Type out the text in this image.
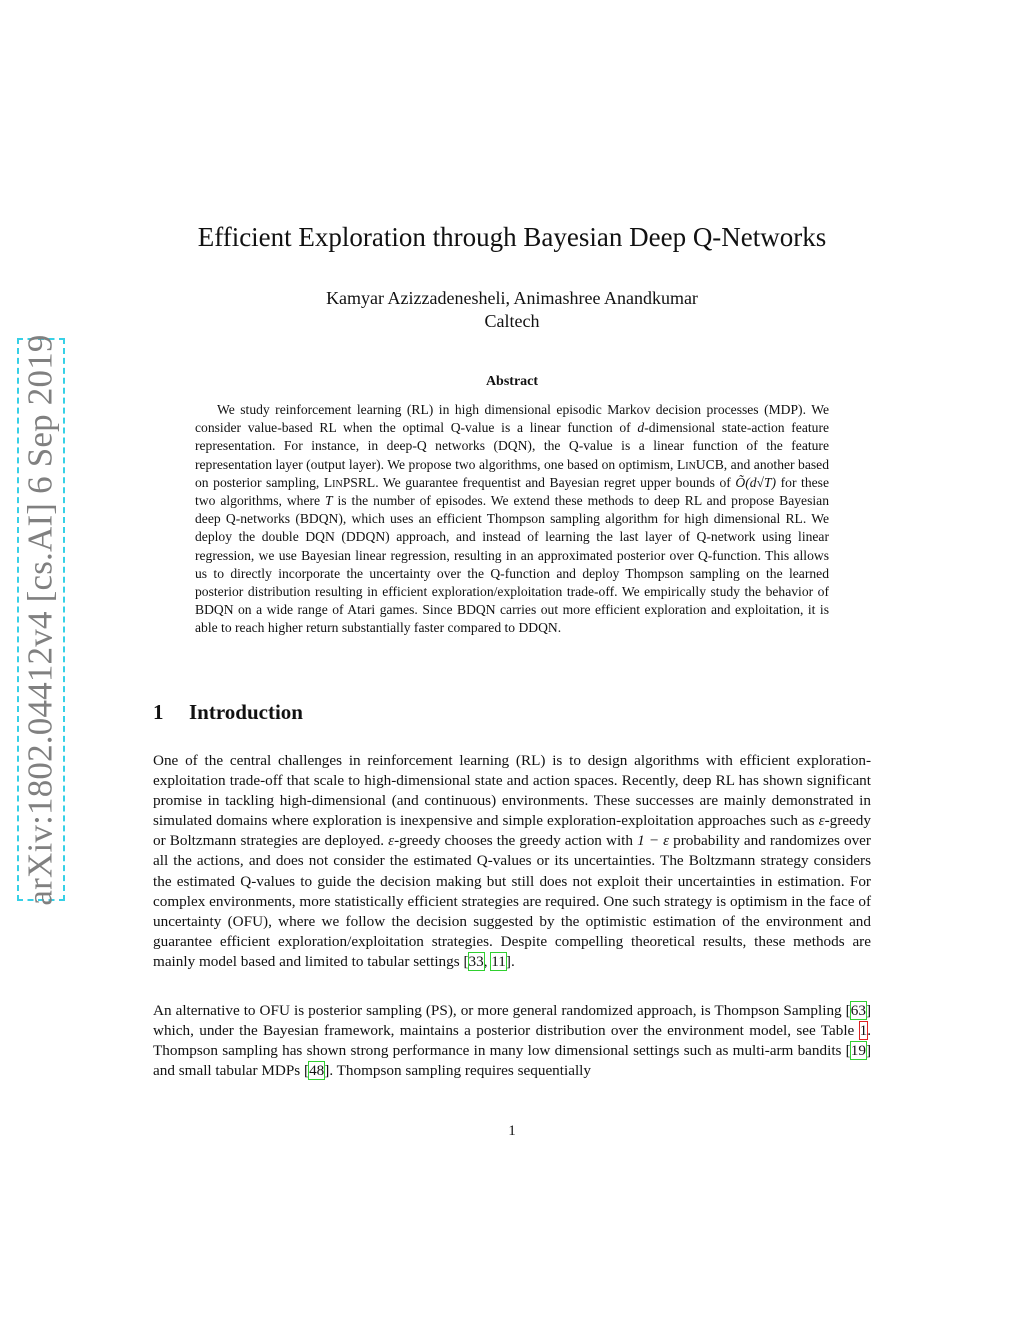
arXiv:1802.04412v4 [cs.AI] 6 Sep 2019
Efficient Exploration through Bayesian Deep Q-Networks
Kamyar Azizzadenesheli, Animashree Anandkumar
Caltech
Abstract

We study reinforcement learning (RL) in high dimensional episodic Markov decision processes (MDP). We consider value-based RL when the optimal Q-value is a linear function of d-dimensional state-action feature representation. For instance, in deep-Q networks (DQN), the Q-value is a linear function of the feature representation layer (output layer). We propose two algorithms, one based on optimism, LinUCB, and another based on posterior sampling, LinPSRL. We guarantee frequentist and Bayesian regret upper bounds of Õ(d√T) for these two algorithms, where T is the number of episodes. We extend these methods to deep RL and propose Bayesian deep Q-networks (BDQN), which uses an efficient Thompson sampling algorithm for high dimensional RL. We deploy the double DQN (DDQN) approach, and instead of learning the last layer of Q-network using linear regression, we use Bayesian linear regression, resulting in an approximated posterior over Q-function. This allows us to directly incorporate the uncertainty over the Q-function and deploy Thompson sampling on the learned posterior distribution resulting in efficient exploration/exploitation trade-off. We empirically study the behavior of BDQN on a wide range of Atari games. Since BDQN carries out more efficient exploration and exploitation, it is able to reach higher return substantially faster compared to DDQN.

1 Introduction

One of the central challenges in reinforcement learning (RL) is to design algorithms with efficient exploration-exploitation trade-off that scale to high-dimensional state and action spaces. Recently, deep RL has shown significant promise in tackling high-dimensional (and continuous) environments. These successes are mainly demonstrated in simulated domains where exploration is inexpensive and simple exploration-exploitation approaches such as ε-greedy or Boltzmann strategies are deployed. ε-greedy chooses the greedy action with 1 − ε probability and randomizes over all the actions, and does not consider the estimated Q-values or its uncertainties. The Boltzmann strategy considers the estimated Q-values to guide the decision making but still does not exploit their uncertainties in estimation. For complex environments, more statistically efficient strategies are required. One such strategy is optimism in the face of uncertainty (OFU), where we follow the decision suggested by the optimistic estimation of the environment and guarantee efficient exploration/exploitation strategies. Despite compelling theoretical results, these methods are mainly model based and limited to tabular settings [33, 11].

An alternative to OFU is posterior sampling (PS), or more general randomized approach, is Thompson Sampling [63] which, under the Bayesian framework, maintains a posterior distribution over the environment model, see Table 1. Thompson sampling has shown strong performance in many low dimensional settings such as multi-arm bandits [19] and small tabular MDPs [48]. Thompson sampling requires sequentially

1
